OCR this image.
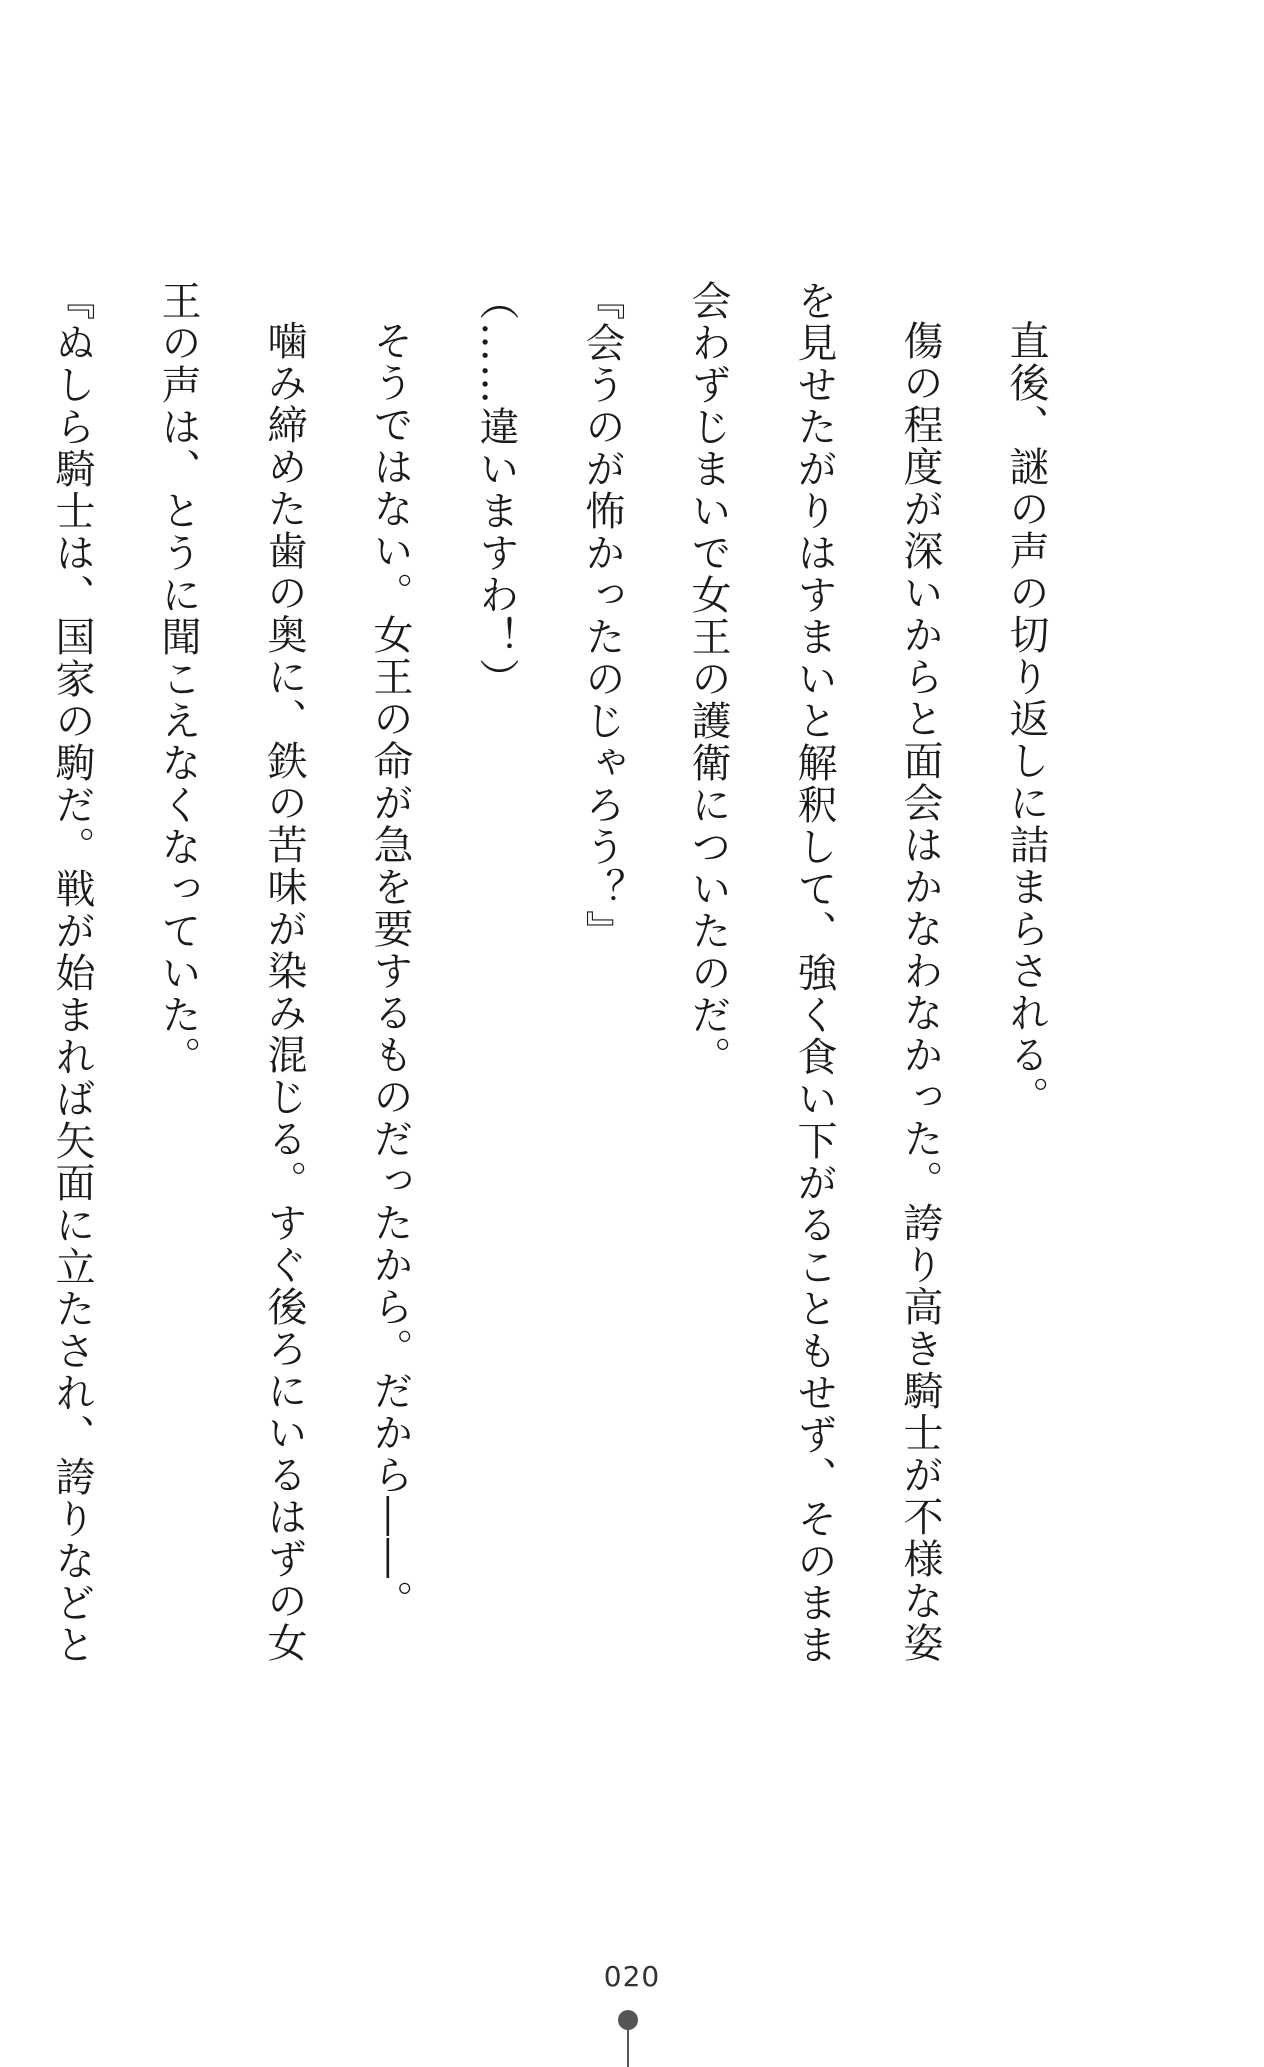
直後、謎の声の切り返しに詰まらされる。

傷の程度が深いからと面会はかなわなかった。誇り高き騎士が不様な姿を見せたがりはすまいと解釈して、強く食い下がることもせず、そのまま会わずじまいで女王の護衛についたのだ。

『会うのが怖かったのじゃろう？』

（……違いますわ！）

そうではない。女王の命が急を要するものだったから。だから――。

噛み締めた歯の奥に、鉄の苦味が染み混じる。すぐ後ろにいるはずの女王の声は、とうに聞こえなくなっていた。

『ぬしら騎士は、国家の駒だ。戦が始まれば矢面に立たされ、誇りなどと

020
